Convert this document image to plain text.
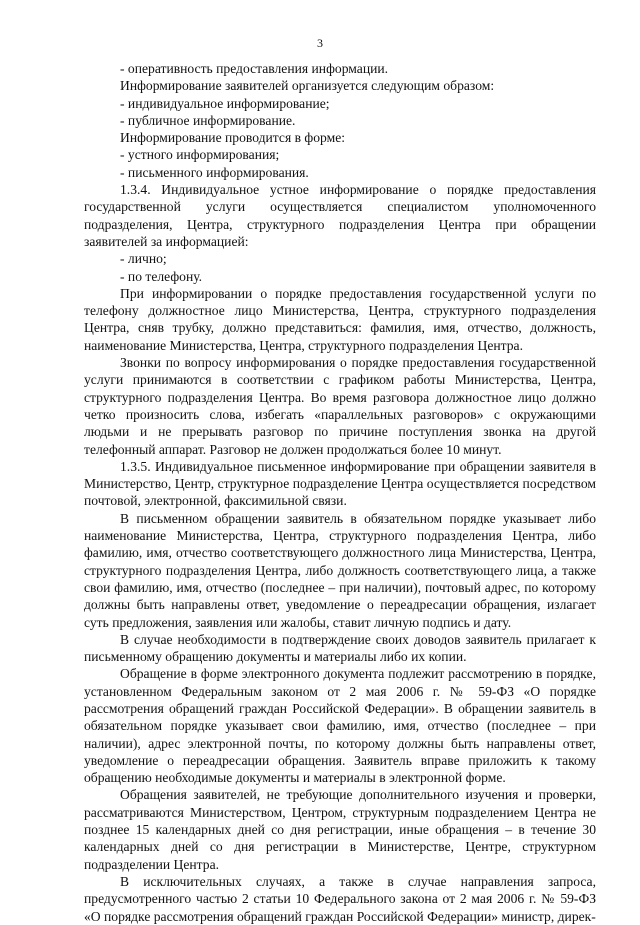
3

- оперативность предоставления информации.

Информирование заявителей организуется следующим образом:

- индивидуальное информирование;

- публичное информирование.

Информирование проводится в форме:

- устного информирования;

- письменного информирования.

1.3.4. Индивидуальное устное информирование о порядке предоставления государственной услуги осуществляется специалистом уполномоченного подразделения, Центра, структурного подразделения Центра при обращении заявителей за информацией:

- лично;

- по телефону.

При информировании о порядке предоставления государственной услуги по телефону должностное лицо Министерства, Центра, структурного подразделения Центра, сняв трубку, должно представиться: фамилия, имя, отчество, должность, наименование Министерства, Центра, структурного подразделения Центра.

Звонки по вопросу информирования о порядке предоставления государственной услуги принимаются в соответствии с графиком работы Министерства, Центра, структурного подразделения Центра. Во время разговора должностное лицо должно четко произносить слова, избегать «параллельных разговоров» с окружающими людьми и не прерывать разговор по причине поступления звонка на другой телефонный аппарат. Разговор не должен продолжаться более 10 минут.

1.3.5. Индивидуальное письменное информирование при обращении заявителя в Министерство, Центр, структурное подразделение Центра осуществляется посредством почтовой, электронной, факсимильной связи.

В письменном обращении заявитель в обязательном порядке указывает либо наименование Министерства, Центра, структурного подразделения Центра, либо фамилию, имя, отчество соответствующего должностного лица Министерства, Центра, структурного подразделения Центра, либо должность соответствующего лица, а также свои фамилию, имя, отчество (последнее – при наличии), почтовый адрес, по которому должны быть направлены ответ, уведомление о переадресации обращения, излагает суть предложения, заявления или жалобы, ставит личную подпись и дату.

В случае необходимости в подтверждение своих доводов заявитель прилагает к письменному обращению документы и материалы либо их копии.

Обращение в форме электронного документа подлежит рассмотрению в порядке, установленном Федеральным законом от 2 мая 2006 г. № 59-ФЗ «О порядке рассмотрения обращений граждан Российской Федерации». В обращении заявитель в обязательном порядке указывает свои фамилию, имя, отчество (последнее – при наличии), адрес электронной почты, по которому должны быть направлены ответ, уведомление о переадресации обращения. Заявитель вправе приложить к такому обращению необходимые документы и материалы в электронной форме.

Обращения заявителей, не требующие дополнительного изучения и проверки, рассматриваются Министерством, Центром, структурным подразделением Центра не позднее 15 календарных дней со дня регистрации, иные обращения – в течение 30 календарных дней со дня регистрации в Министерстве, Центре, структурном подразделении Центра.

В исключительных случаях, а также в случае направления запроса, предусмотренного частью 2 статьи 10 Федерального закона от 2 мая 2006 г. № 59-ФЗ «О порядке рассмотрения обращений граждан Российской Федерации» министр, дирек-
